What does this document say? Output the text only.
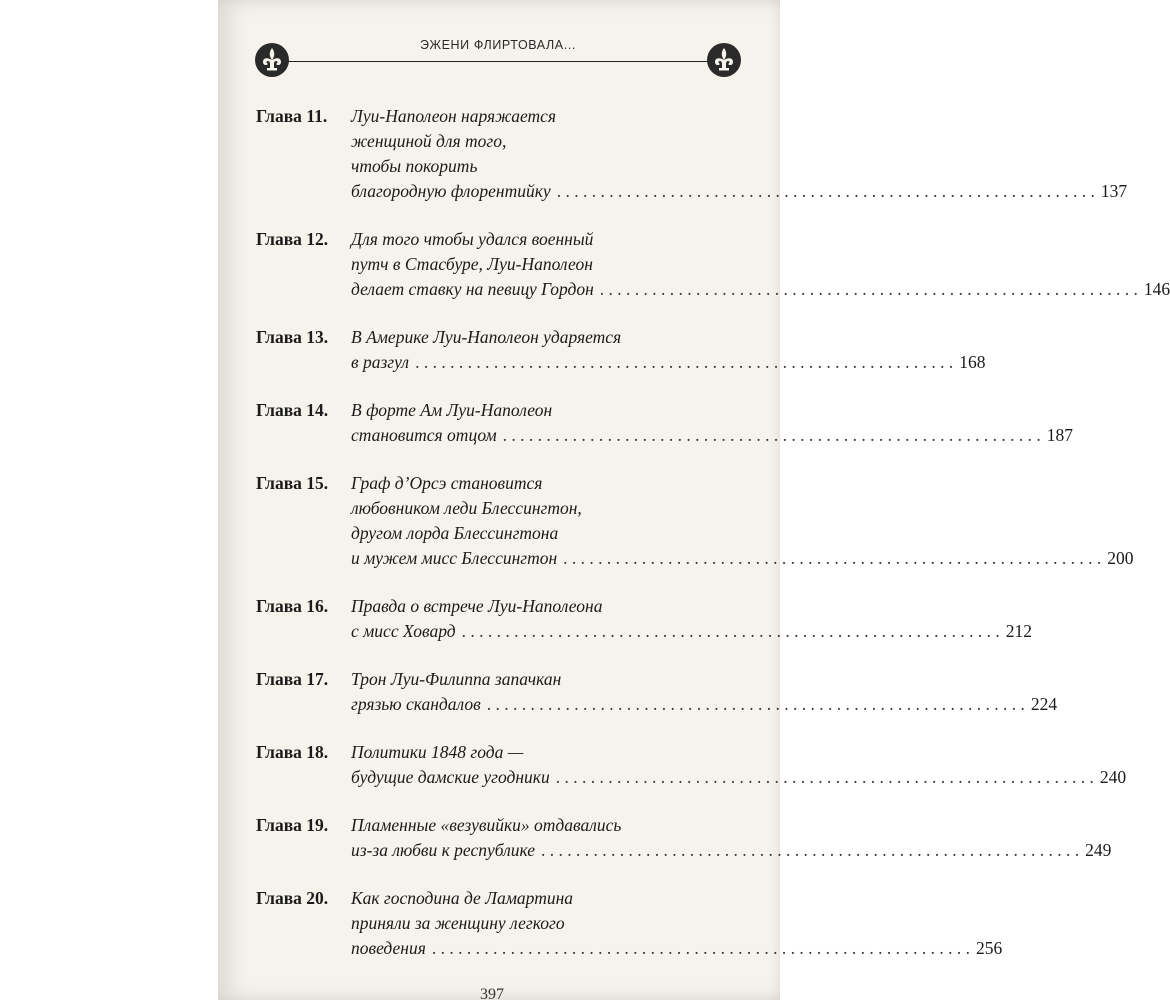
ЭЖЕНИ ФЛИРТОВАЛА...
Глава 11.	Луи-Наполеон наряжается
женщиной для того,
чтобы покорить
благородную флорентийку . . .	137
Глава 12.	Для того чтобы удался военный
путч в Стасбуре, Луи-Наполеон
делает ставку на певицу Гордон . . .	146
Глава 13.	В Америке Луи-Наполеон ударяется
в разгул . . .	168
Глава 14.	В форте Ам Луи-Наполеон
становится отцом . . .	187
Глава 15.	Граф д’Орсэ становится
любовником леди Блессингтон,
другом лорда Блессингтона
и мужем мисс Блессингтон . . .	200
Глава 16.	Правда о встрече Луи-Наполеона
с мисс Ховард . . .	212
Глава 17.	Трон Луи-Филиппа запачкан
грязью скандалов . . .	224
Глава 18.	Политики 1848 года —
будущие дамские угодники . . .	240
Глава 19.	Пламенные «везувийки» отдавались
из-за любви к республике . . .	249
Глава 20.	Как господина де Ламартина
приняли за женщину легкого
поведения . . .	256
397
